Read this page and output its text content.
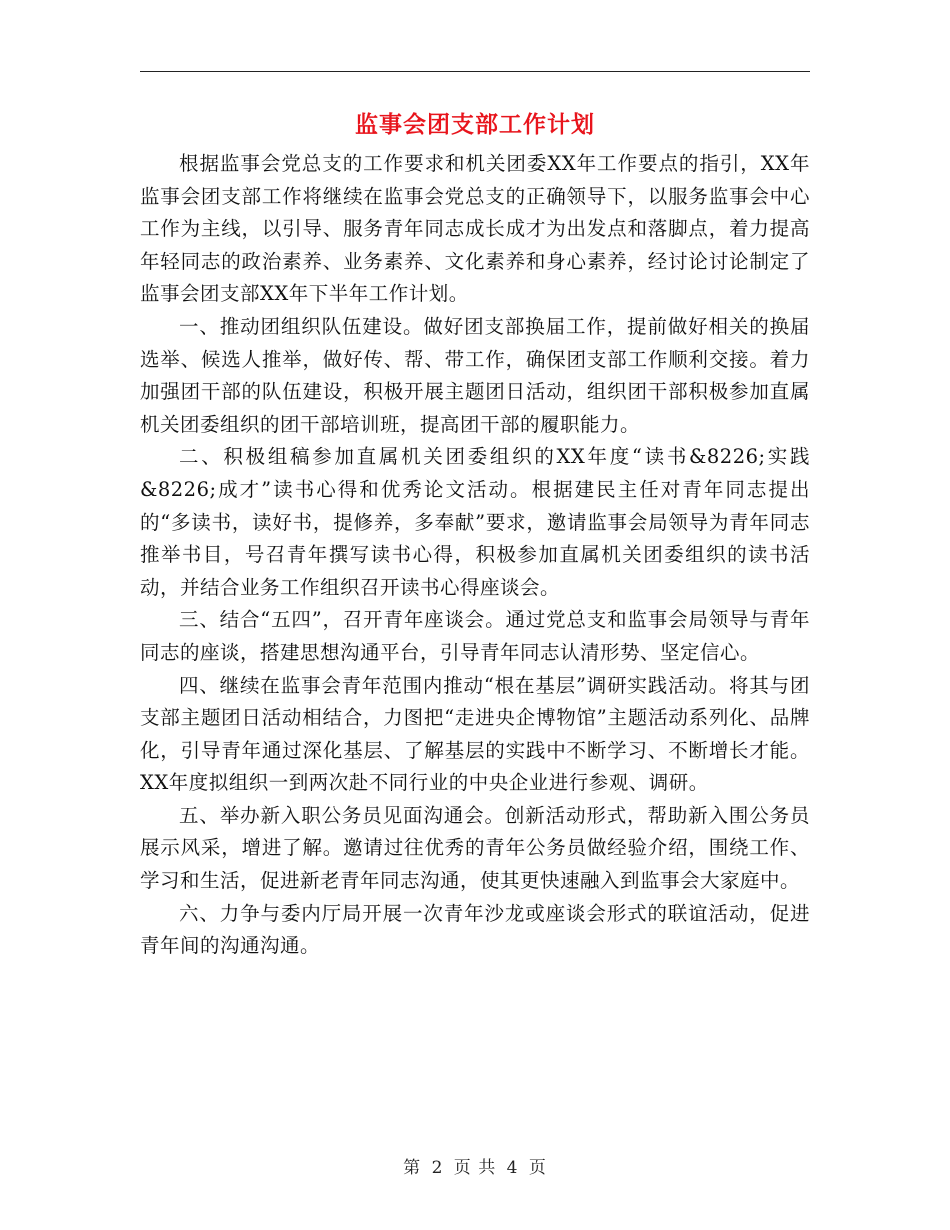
监事会团支部工作计划

根据监事会党总支的工作要求和机关团委XX年工作要点的指引，XX年监事会团支部工作将继续在监事会党总支的正确领导下，以服务监事会中心工作为主线，以引导、服务青年同志成长成才为出发点和落脚点，着力提高年轻同志的政治素养、业务素养、文化素养和身心素养，经讨论讨论制定了监事会团支部XX年下半年工作计划。

一、推动团组织队伍建设。做好团支部换届工作，提前做好相关的换届选举、候选人推举，做好传、帮、带工作，确保团支部工作顺利交接。着力加强团干部的队伍建设，积极开展主题团日活动，组织团干部积极参加直属机关团委组织的团干部培训班，提高团干部的履职能力。

二、积极组稿参加直属机关团委组织的XX年度“读书&8226;实践&8226;成才”读书心得和优秀论文活动。根据建民主任对青年同志提出的“多读书，读好书，提修养，多奉献”要求，邀请监事会局领导为青年同志推举书目，号召青年撰写读书心得，积极参加直属机关团委组织的读书活动，并结合业务工作组织召开读书心得座谈会。

三、结合“五四”，召开青年座谈会。通过党总支和监事会局领导与青年同志的座谈，搭建思想沟通平台，引导青年同志认清形势、坚定信心。

四、继续在监事会青年范围内推动“根在基层”调研实践活动。将其与团支部主题团日活动相结合，力图把“走进央企博物馆”主题活动系列化、品牌化，引导青年通过深化基层、了解基层的实践中不断学习、不断增长才能。XX年度拟组织一到两次赴不同行业的中央企业进行参观、调研。

五、举办新入职公务员见面沟通会。创新活动形式，帮助新入围公务员展示风采，增进了解。邀请过往优秀的青年公务员做经验介绍，围绕工作、学习和生活，促进新老青年同志沟通，使其更快速融入到监事会大家庭中。

六、力争与委内厅局开展一次青年沙龙或座谈会形式的联谊活动，促进青年间的沟通沟通。

第 2 页 共 4 页
